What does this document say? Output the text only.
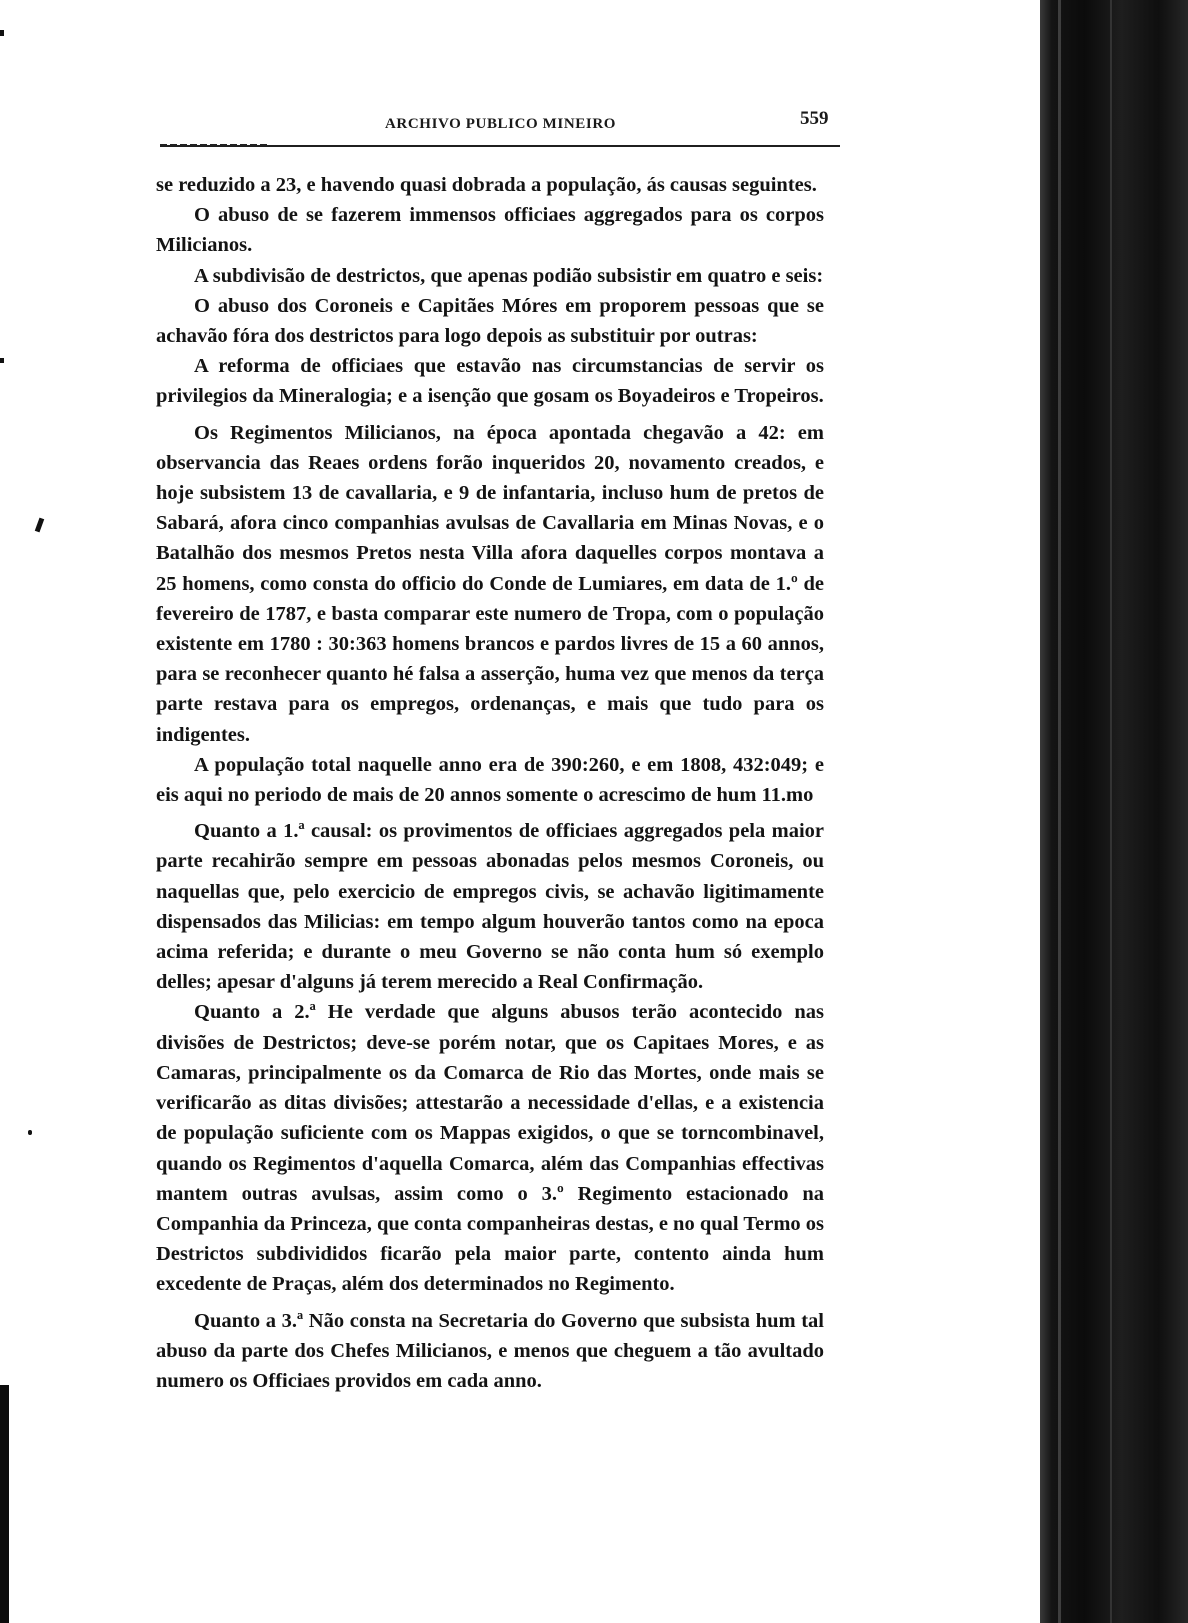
ARCHIVO PUBLICO MINEIRO	559

se reduzido a 23, e havendo quasi dobrada a população, ás causas seguintes.

O abuso de se fazerem immensos officiaes aggregados para os corpos Milicianos.

A subdivisão de destrictos, que apenas podião subsistir em quatro e seis:

O abuso dos Coroneis e Capitães Móres em proporem pessoas que se achavão fóra dos destrictos para logo depois as substituir por outras:

A reforma de officiaes que estavão nas circumstancias de servir os privilegios da Mineralogia; e a isenção que gosam os Boyadeiros e Tropeiros.

Os Regimentos Milicianos, na época apontada chegavão a 42: em observancia das Reaes ordens forão inqueridos 20, novamento creados, e hoje subsistem 13 de cavallaria, e 9 de infantaria, incluso hum de pretos de Sabará, afora cinco companhias avulsas de Cavallaria em Minas Novas, e o Batalhão dos mesmos Pretos nesta Villa afora daquelles corpos montava a 25 homens, como consta do officio do Conde de Lumiares, em data de 1.º de fevereiro de 1787, e basta comparar este numero de Tropa, com o população existente em 1780 : 30:363 homens brancos e pardos livres de 15 a 60 annos, para se reconhecer quanto hé falsa a asserção, huma vez que menos da terça parte restava para os empregos, ordenanças, e mais que tudo para os indigentes.

A população total naquelle anno era de 390:260, e em 1808, 432:049; e eis aqui no periodo de mais de 20 annos somente o acrescimo de hum 11.mo

Quanto a 1.ª causal: os provimentos de officiaes aggregados pela maior parte recahirão sempre em pessoas abonadas pelos mesmos Coroneis, ou naquellas que, pelo exercicio de empregos civis, se achavão ligitimamente dispensados das Milicias: em tempo algum houverão tantos como na epoca acima referida; e durante o meu Governo se não conta hum só exemplo delles; apesar d'alguns já terem merecido a Real Confirmação.

Quanto a 2.ª He verdade que alguns abusos terão acontecido nas divisões de Destrictos; deve-se porém notar, que os Capitaes Mores, e as Camaras, principalmente os da Comarca de Rio das Mortes, onde mais se verificarão as ditas divisões; attestarão a necessidade d'ellas, e a existencia de população suficiente com os Mappas exigidos, o que se torncombinavel, quando os Regimentos d'aquella Comarca, além das Companhias effectivas mantem outras avulsas, assim como o 3.º Regimento estacionado na Companhia da Princeza, que conta companheiras destas, e no qual Termo os Destrictos subdivididos ficarão pela maior parte, contento ainda hum excedente de Praças, além dos determinados no Regimento.

Quanto a 3.ª Não consta na Secretaria do Governo que subsista hum tal abuso da parte dos Chefes Milicianos, e menos que cheguem a tão avultado numero os Officiaes providos em cada anno.
